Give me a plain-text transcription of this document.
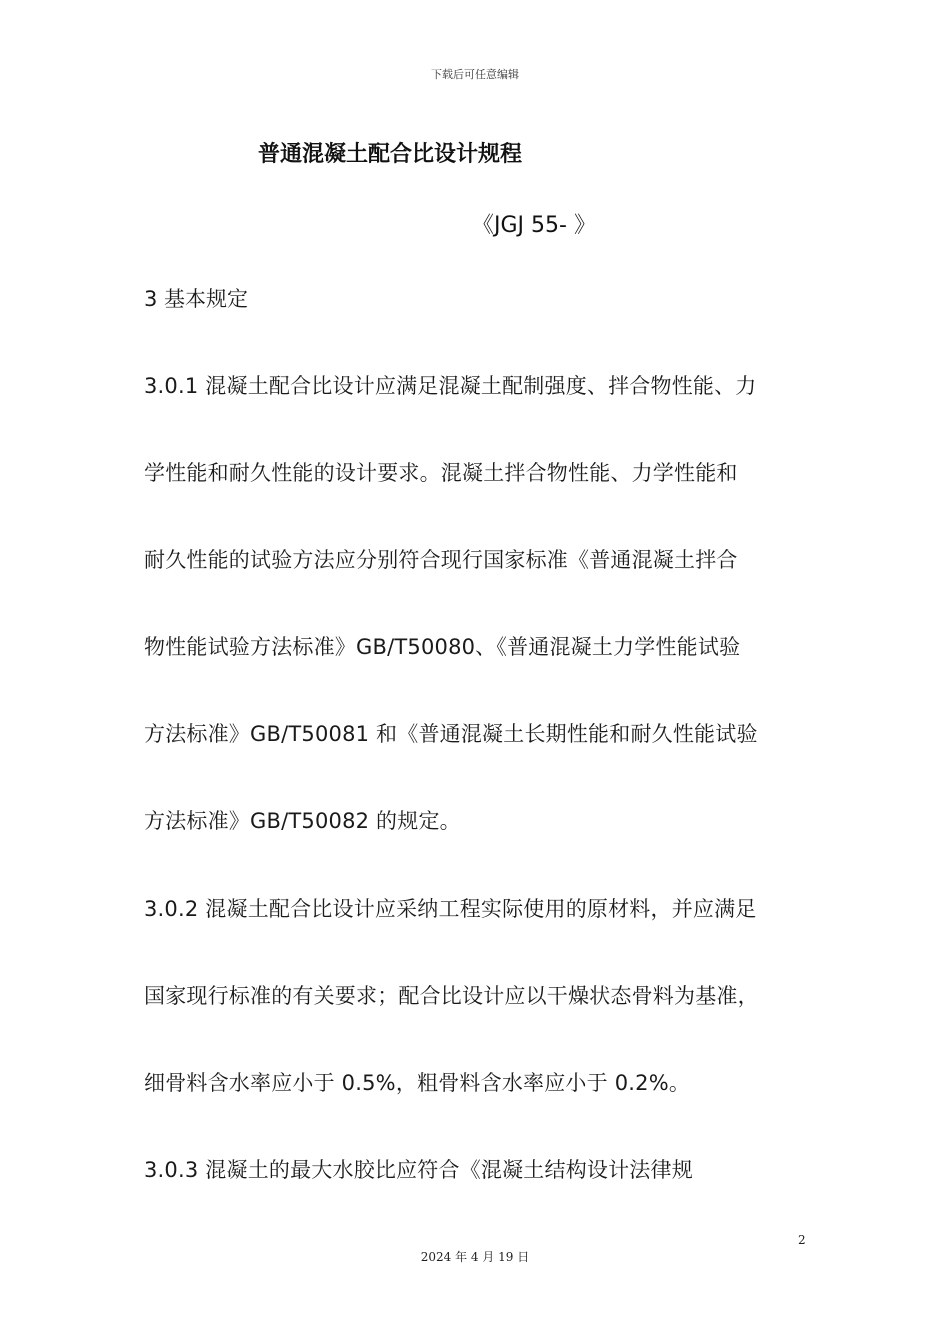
下载后可任意编辑
普通混凝土配合比设计规程
《JGJ 55- 》
3 基本规定
3.0.1 混凝土配合比设计应满足混凝土配制强度、拌合物性能、力
学性能和耐久性能的设计要求。混凝土拌合物性能、力学性能和
耐久性能的试验方法应分别符合现行国家标准《普通混凝土拌合
物性能试验方法标准》GB/T50080、《普通混凝土力学性能试验
方法标准》GB/T50081 和《普通混凝土长期性能和耐久性能试验
方法标准》GB/T50082 的规定。
3.0.2 混凝土配合比设计应采纳工程实际使用的原材料，并应满足
国家现行标准的有关要求；配合比设计应以干燥状态骨料为基准，
细骨料含水率应小于 0.5%，粗骨料含水率应小于 0.2%。
3.0.3 混凝土的最大水胶比应符合《混凝土结构设计法律规
2
2024 年 4 月 19 日
